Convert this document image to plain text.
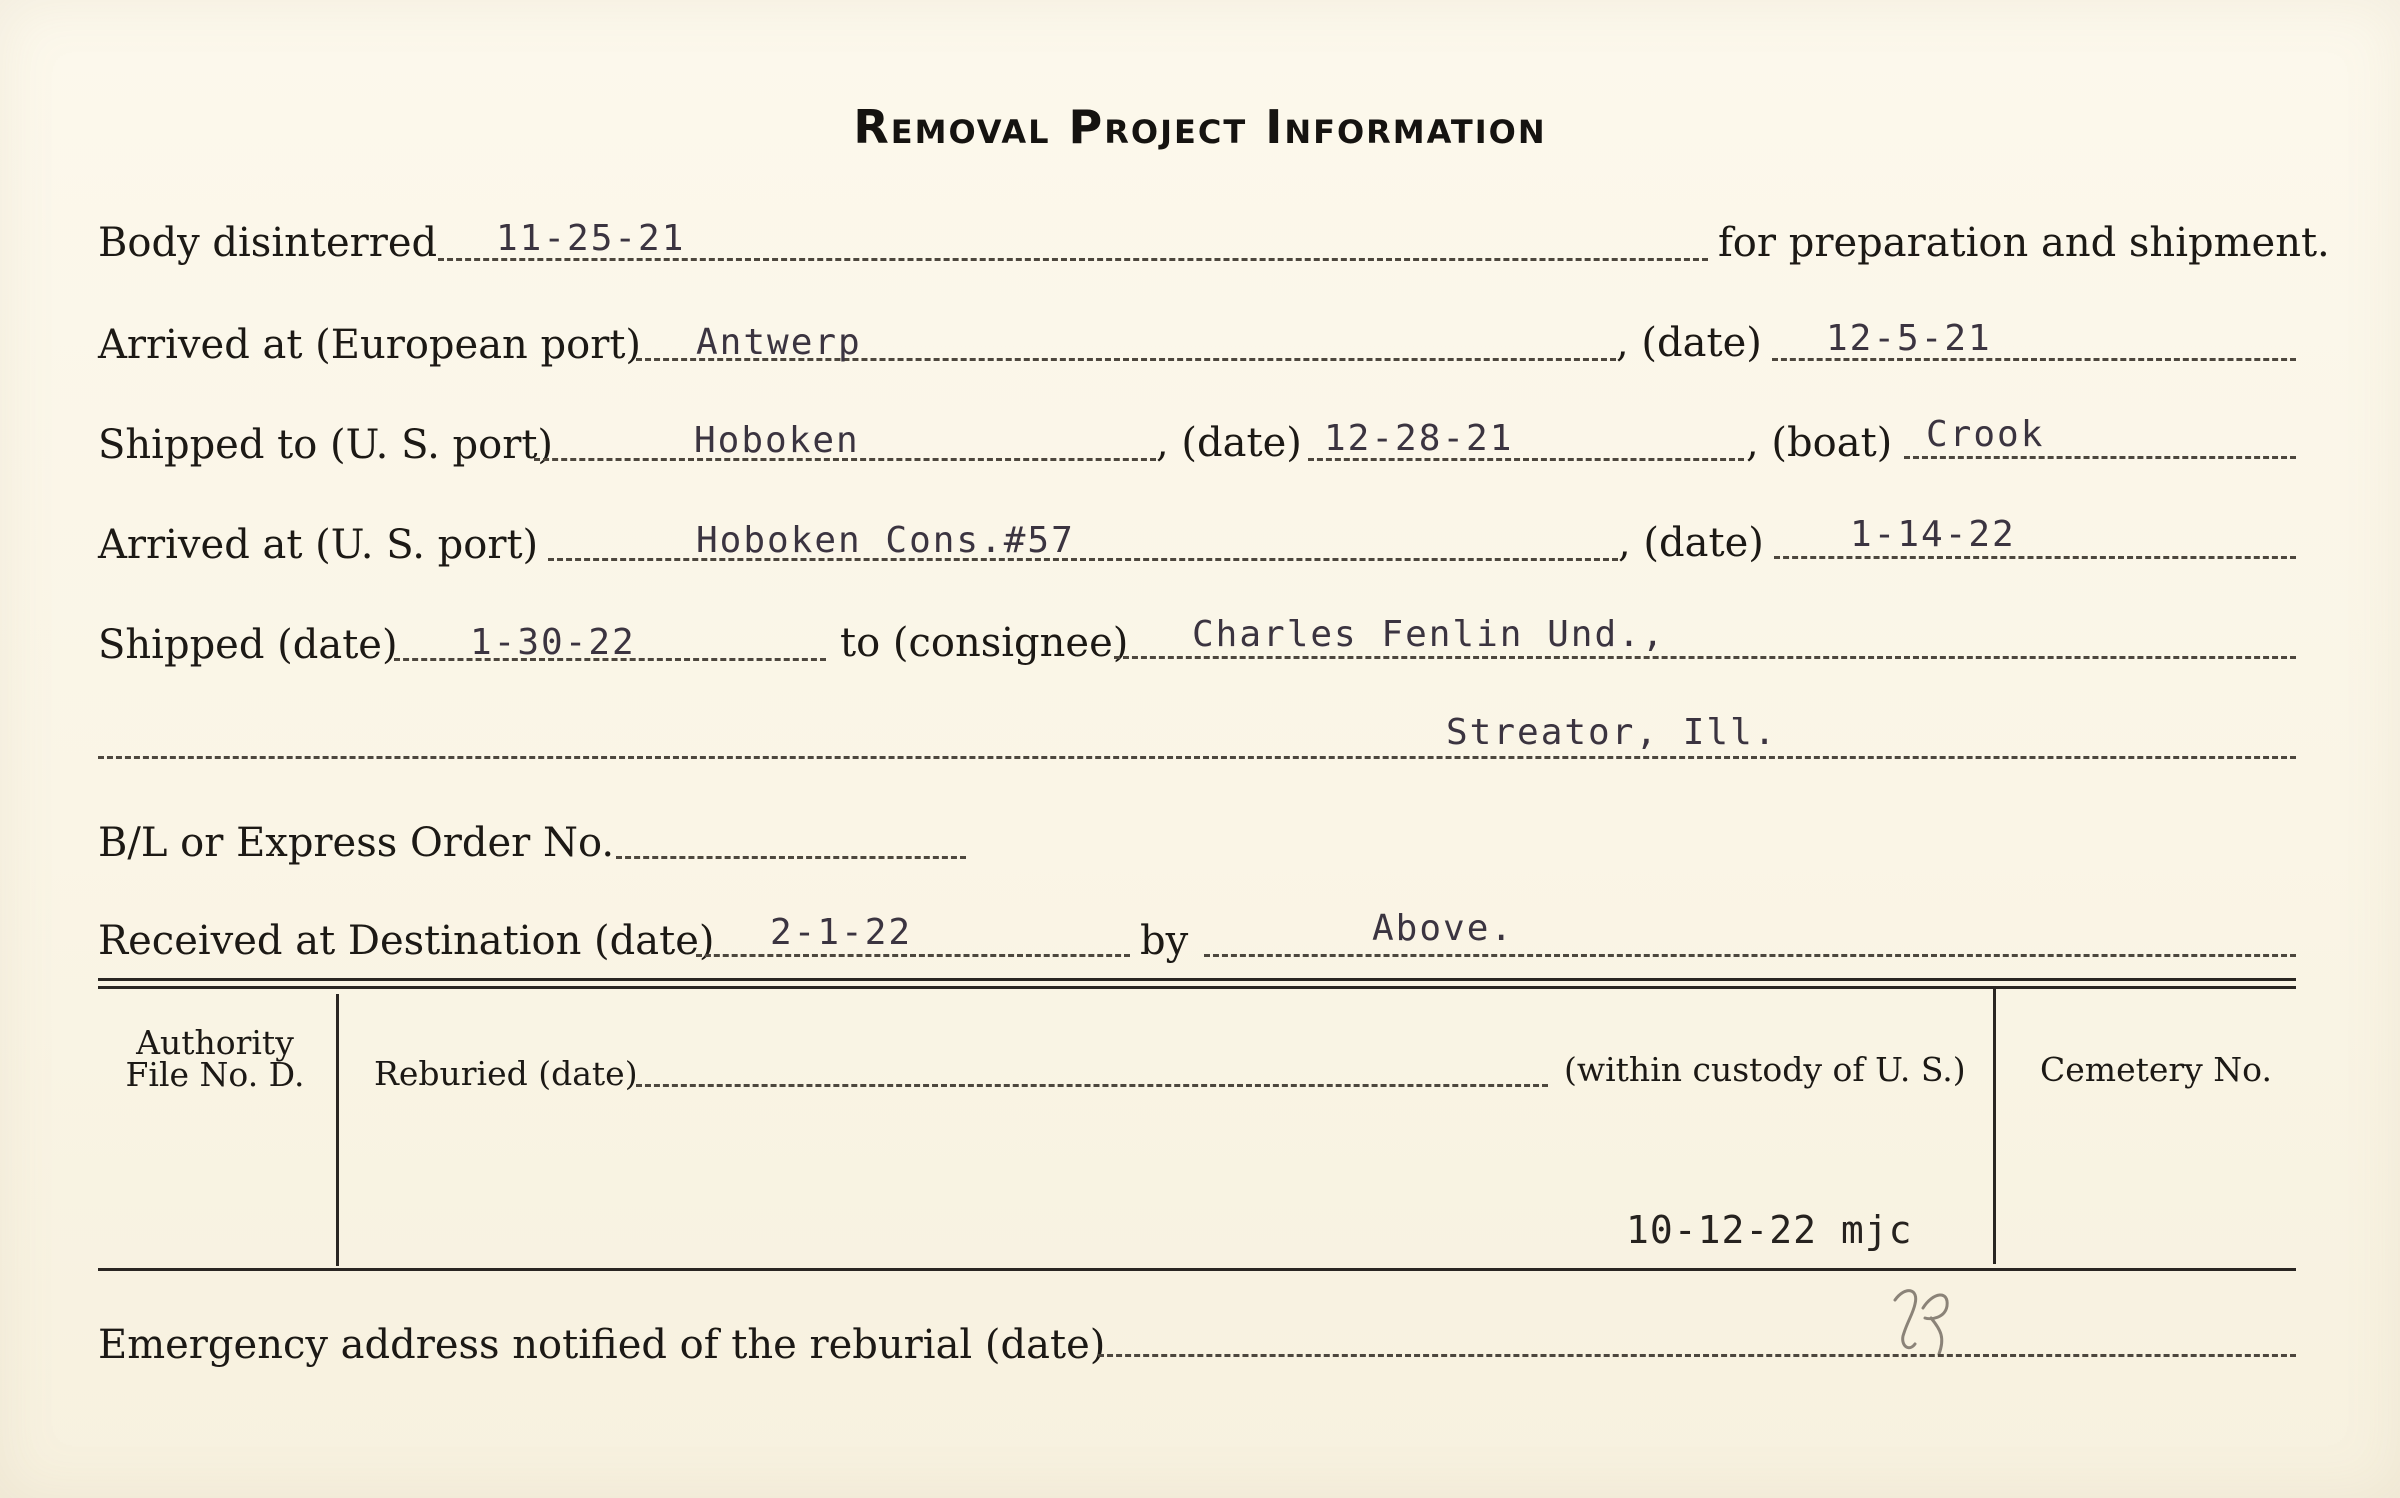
Removal Project Information
Body disinterred 11-25-21	for preparation and shipment.
Arrived at (European port) Antwerp	, (date) 12-5-21
Shipped to (U. S. port)	Hoboken	, (date) 12-28-21	, (boat) Crook
Arrived at (U. S. port)	Hoboken Cons.#57	, (date) 1-14-22
Shipped (date) 1-30-22	to (consignee) Charles Fenlin Und.,
Streator, Ill.
B/L or Express Order No.
Received at Destination (date) 2-1-22	by	Above.
Authority
File No. D.	Reburied (date)	(within custody of U. S.) Cemetery No.
10-12-22 mjc
Emergency address notified of the reburial (date)
